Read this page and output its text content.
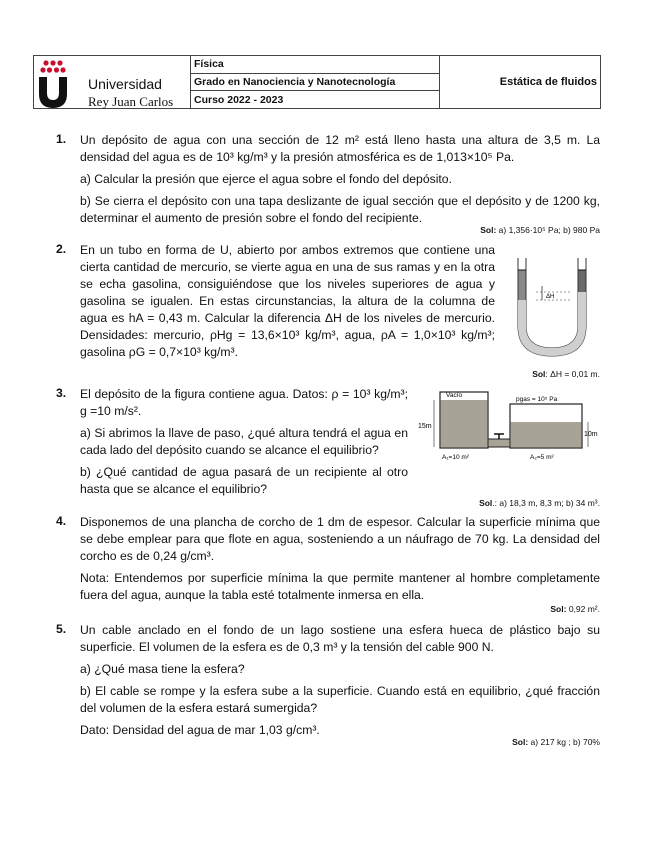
Universidad
Rey Juan Carlos
Física
Grado en Nanociencia y Nanotecnología
Curso 2022 - 2023
Estática de fluidos
1. Un depósito de agua con una sección de 12 m² está lleno hasta una altura de 3,5 m. La densidad del agua es de 10³ kg/m³ y la presión atmosférica es de 1,013×10⁵ Pa.

a) Calcular la presión que ejerce el agua sobre el fondo del depósito.

b) Se cierra el depósito con una tapa deslizante de igual sección que el depósito y de 1200 kg, determinar el aumento de presión sobre el fondo del recipiente.

Sol: a) 1,356·10⁵ Pa; b) 980 Pa
2. En un tubo en forma de U, abierto por ambos extremos que contiene una cierta cantidad de mercurio, se vierte agua en una de sus ramas y en la otra se echa gasolina, consiguiéndose que los niveles superiores de agua y gasolina se igualen. En estas circunstancias, la altura de la columna de agua es hA = 0,43 m. Calcular la diferencia ΔH de los niveles de mercurio. Densidades: mercurio, ρHg = 13,6×10³ kg/m³, agua, ρA = 1,0×10³ kg/m³; gasolina ρG = 0,7×10³ kg/m³.

ΔH
Sol: ΔH = 0,01 m.
3. El depósito de la figura contiene agua. Datos: ρ = 10³ kg/m³; g =10 m/s².

a) Si abrimos la llave de paso, ¿qué altura tendrá el agua en cada lado del depósito cuando se alcance el equilibrio?

b) ¿Qué cantidad de agua pasará de un recipiente al otro hasta que se alcance el equilibrio?

15m
10m
Vacío
pgas = 10⁵ Pa
A₁=10 m²	A₂=5 m²
Sol.: a) 18,3 m, 8,3 m; b) 34 m³.
4. Disponemos de una plancha de corcho de 1 dm de espesor. Calcular la superficie mínima que se debe emplear para que flote en agua, sosteniendo a un náufrago de 70 kg. La densidad del corcho es de 0,24 g/cm³.

Nota: Entendemos por superficie mínima la que permite mantener al hombre completamente fuera del agua, aunque la tabla esté totalmente inmersa en ella.

Sol: 0,92 m².
5. Un cable anclado en el fondo de un lago sostiene una esfera hueca de plástico bajo su superficie. El volumen de la esfera es de 0,3 m³ y la tensión del cable 900 N.

a) ¿Qué masa tiene la esfera?

b) El cable se rompe y la esfera sube a la superficie. Cuando está en equilibrio, ¿qué fracción del volumen de la esfera estará sumergida?

Dato: Densidad del agua de mar 1,03 g/cm³.

Sol: a) 217 kg ; b) 70%
